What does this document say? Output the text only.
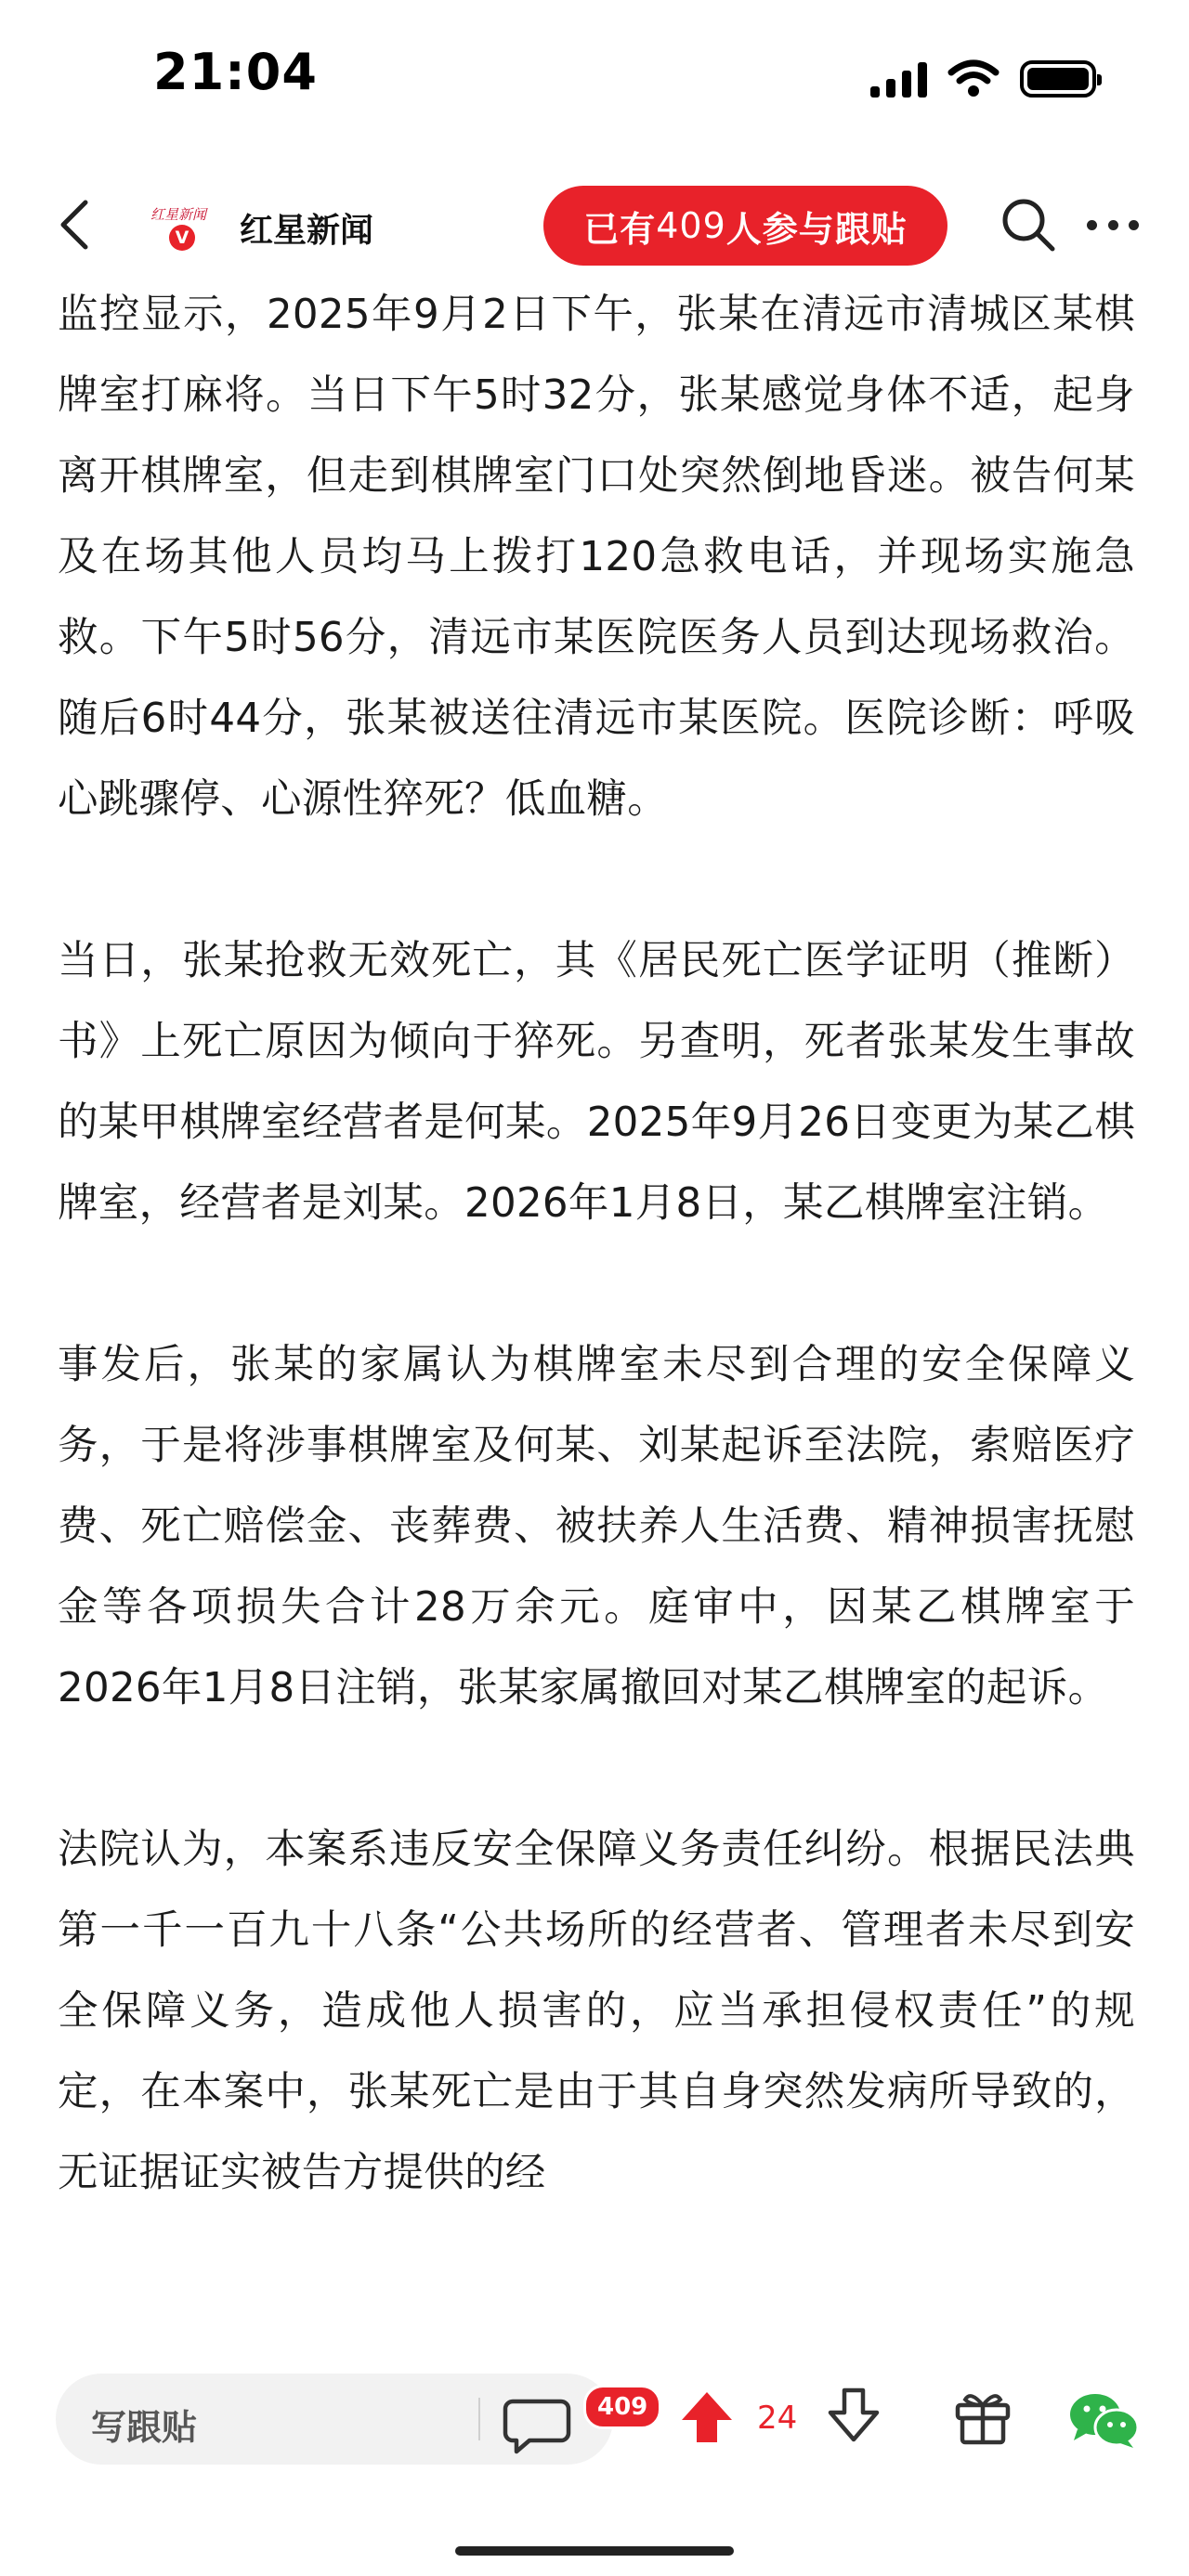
21:04
红星新闻
V 红星新闻	已有 409 人参与跟贴

监控显示，2025年9月2日下午，张某在清远市清城区某棋牌室打麻将。当日下午5时32分，张某感觉身体不适，起身离开棋牌室，但走到棋牌室门口处突然倒地昏迷。被告何某及在场其他人员均马上拨打120急救电话，并现场实施急救。下午5时56分，清远市某医院医务人员到达现场救治。随后6时44分，张某被送往清远市某医院。医院诊断：呼吸心跳骤停、心源性猝死？低血糖。

当日，张某抢救无效死亡，其《居民死亡医学证明（推断）书》上死亡原因为倾向于猝死。另查明，死者张某发生事故的某甲棋牌室经营者是何某。2025年9月26日变更为某乙棋牌室，经营者是刘某。2026年1月8日，某乙棋牌室注销。

事发后，张某的家属认为棋牌室未尽到合理的安全保障义务，于是将涉事棋牌室及何某、刘某起诉至法院，索赔医疗费、死亡赔偿金、丧葬费、被扶养人生活费、精神损害抚慰金等各项损失合计28万余元。庭审中，因某乙棋牌室于2026年1月8日注销，张某家属撤回对某乙棋牌室的起诉。

法院认为，本案系违反安全保障义务责任纠纷。根据民法典第一千一百九十八条“公共场所的经营者、管理者未尽到安全保障义务，造成他人损害的，应当承担侵权责任”的规定，在本案中，张某死亡是由于其自身突然发病所导致的，无证据证实被告方提供的经

写跟贴	409	24
